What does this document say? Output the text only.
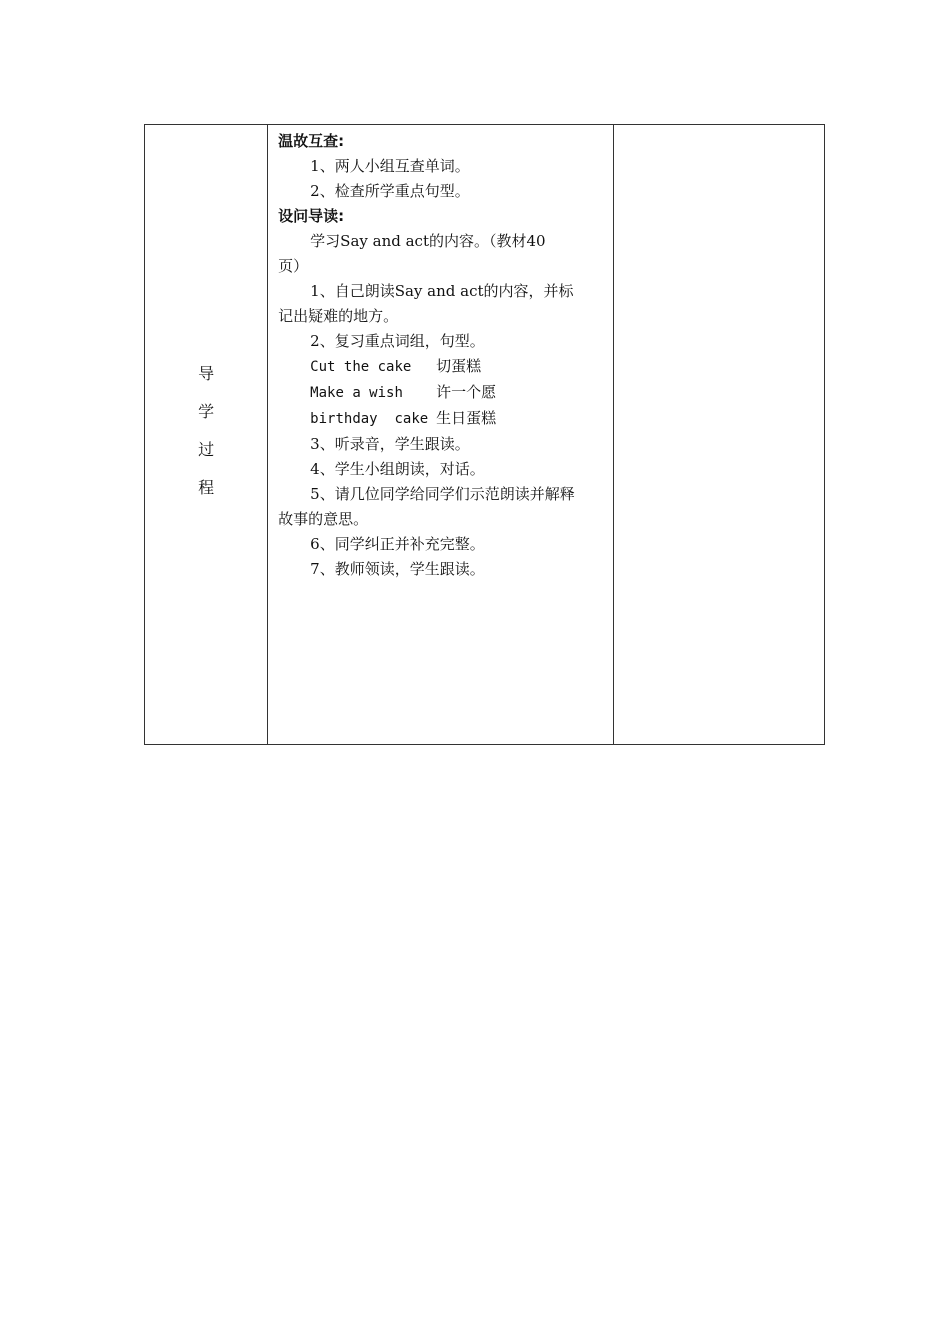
导
学
过
程

温故互查:

1、两人小组互查单词。

2、检查所学重点句型。

设问导读:

学习Say and act的内容。（教材40

页）

1、自己朗读Say and act的内容，并标

记出疑难的地方。

2、复习重点词组，句型。

Cut the cake 切蛋糕

Make a wish 许一个愿

birthday  cake 生日蛋糕

3、听录音，学生跟读。

4、学生小组朗读，对话。

5、请几位同学给同学们示范朗读并解释

故事的意思。

6、同学纠正并补充完整。

7、教师领读，学生跟读。
